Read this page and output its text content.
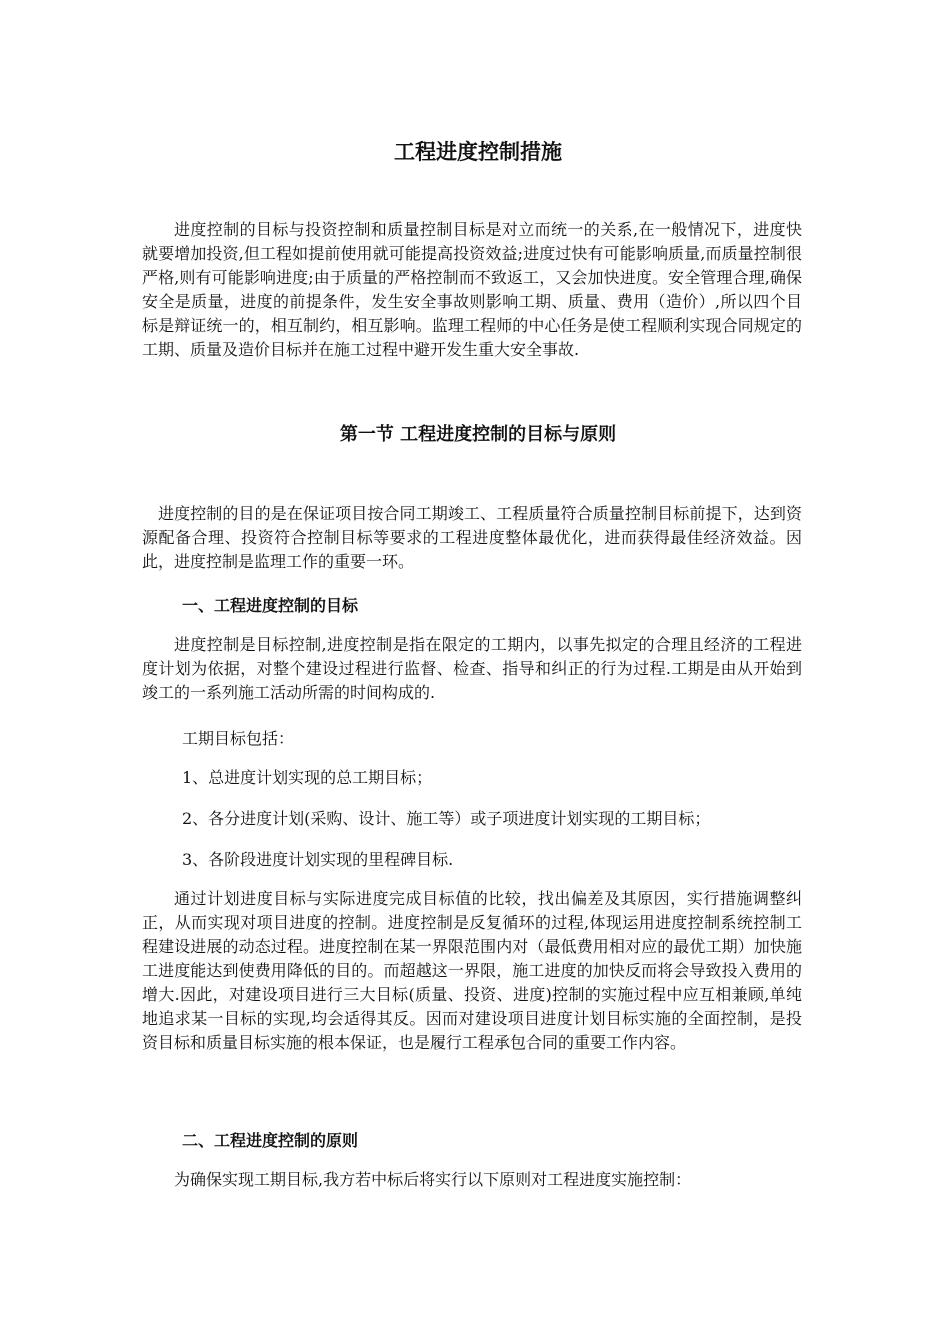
工程进度控制措施

进度控制的目标与投资控制和质量控制目标是对立而统一的关系,在一般情况下，进度快就要增加投资,但工程如提前使用就可能提高投资效益;进度过快有可能影响质量,而质量控制很严格,则有可能影响进度;由于质量的严格控制而不致返工，又会加快进度。安全管理合理,确保安全是质量，进度的前提条件，发生安全事故则影响工期、质量、费用（造价）,所以四个目标是辩证统一的，相互制约，相互影响。监理工程师的中心任务是使工程顺利实现合同规定的工期、质量及造价目标并在施工过程中避开发生重大安全事故.

第一节 工程进度控制的目标与原则

进度控制的目的是在保证项目按合同工期竣工、工程质量符合质量控制目标前提下，达到资源配备合理、投资符合控制目标等要求的工程进度整体最优化，进而获得最佳经济效益。因此，进度控制是监理工作的重要一环。

一、工程进度控制的目标

进度控制是目标控制,进度控制是指在限定的工期内，以事先拟定的合理且经济的工程进度计划为依据，对整个建设过程进行监督、检查、指导和纠正的行为过程.工期是由从开始到竣工的一系列施工活动所需的时间构成的.

工期目标包括：

1、总进度计划实现的总工期目标；

2、各分进度计划(采购、设计、施工等）或子项进度计划实现的工期目标；

3、各阶段进度计划实现的里程碑目标.

通过计划进度目标与实际进度完成目标值的比较，找出偏差及其原因，实行措施调整纠正，从而实现对项目进度的控制。进度控制是反复循环的过程,体现运用进度控制系统控制工程建设进展的动态过程。进度控制在某一界限范围内对（最低费用相对应的最优工期）加快施工进度能达到使费用降低的目的。而超越这一界限，施工进度的加快反而将会导致投入费用的增大.因此，对建设项目进行三大目标(质量、投资、进度)控制的实施过程中应互相兼顾,单纯地追求某一目标的实现,均会适得其反。因而对建设项目进度计划目标实施的全面控制，是投资目标和质量目标实施的根本保证，也是履行工程承包合同的重要工作内容。

二、工程进度控制的原则

为确保实现工期目标,我方若中标后将实行以下原则对工程进度实施控制：
